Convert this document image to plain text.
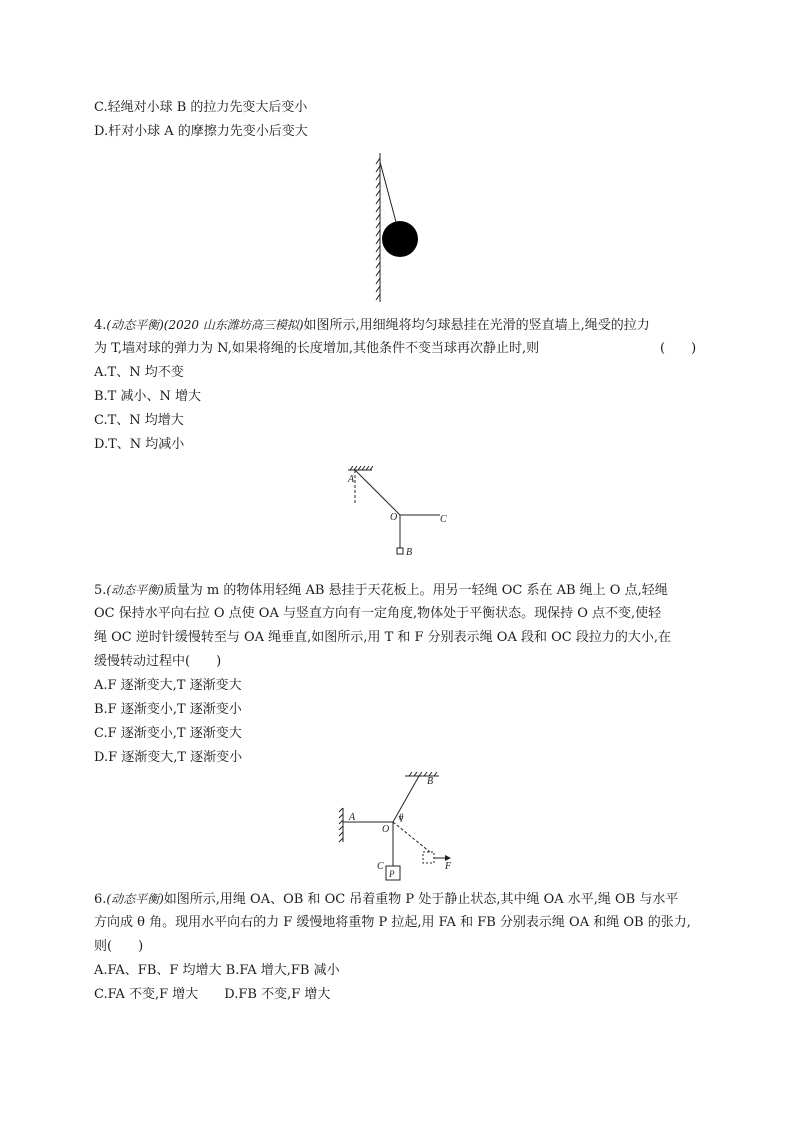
C.轻绳对小球 B 的拉力先变大后变小
D.杆对小球 A 的摩擦力先变小后变大
4.(动态平衡)(2020 山东潍坊高三模拟)如图所示,用细绳将均匀球悬挂在光滑的竖直墙上,绳受的拉力
为 T,墙对球的弹力为 N,如果将绳的长度增加,其他条件不变当球再次静止时,则	(　　)
A.T、N 均不变
B.T 减小、N 增大
C.T、N 均增大
D.T、N 均减小
A
O	C
B
5.(动态平衡)质量为 m 的物体用轻绳 AB 悬挂于天花板上。用另一轻绳 OC 系在 AB 绳上 O 点,轻绳
OC 保持水平向右拉 O 点使 OA 与竖直方向有一定角度,物体处于平衡状态。现保持 O 点不变,使轻
绳 OC 逆时针缓慢转至与 OA 绳垂直,如图所示,用 T 和 F 分别表示绳 OA 段和 OC 段拉力的大小,在
缓慢转动过程中(　　)
A.F 逐渐变大,T 逐渐变大
B.F 逐渐变小,T 逐渐变小
C.F 逐渐变小,T 逐渐变大
D.F 逐渐变大,T 逐渐变小
A
B
O
θ
C
P
F
6.(动态平衡)如图所示,用绳 OA、OB 和 OC 吊着重物 P 处于静止状态,其中绳 OA 水平,绳 OB 与水平
方向成 θ 角。现用水平向右的力 F 缓慢地将重物 P 拉起,用 FA 和 FB 分别表示绳 OA 和绳 OB 的张力,
则(　　)
A.FA、FB、F 均增大 B.FA 增大,FB 减小
C.FA 不变,F 增大　　D.FB 不变,F 增大
